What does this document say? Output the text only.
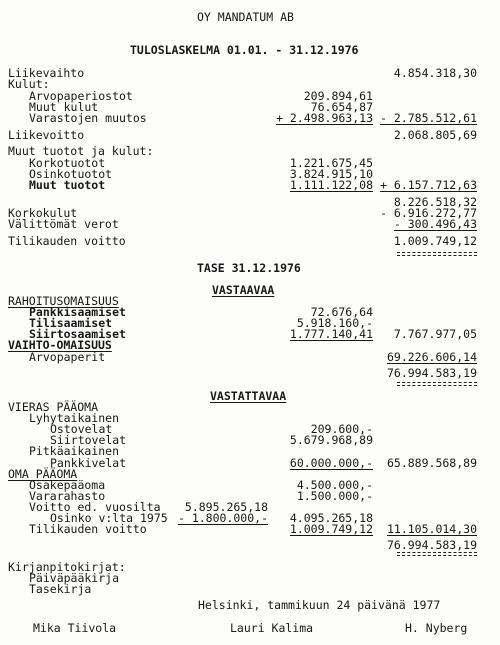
OY MANDATUM AB
TULOSLASKELMA 01.01. - 31.12.1976
Liikevaihto	4.854.318,30
Kulut:
Arvopaperiostot	209.894,61
Muut kulut	76.654,87
Varastojen muutos	+ 2.498.963,13 - 2.785.512,61
Liikevoitto	2.068.805,69
Muut tuotot ja kulut:
Korkotuotot	1.221.675,45
Osinkotuotot	3.824.915,10
Muut tuotot	1.111.122,08 + 6.157.712,63
8.226.518,32
Korkokulut	- 6.916.272,77
Välittömät verot	- 300.496,43
Tilikauden voitto	1.009.749,12
TASE 31.12.1976
VASTAAVAA
RAHOITUSOMAISUUS
Pankkisaamiset	72.676,64
Tilisaamiset	5.918.160,-
Siirtosaamiset	1.777.140,41 7.767.977,05
VAIHTO-OMAISUUS
Arvopaperit	69.226.606,14
76.994.583,19
VASTATTAVAA
VIERAS PÄÄOMA
Lyhytaikainen
Ostovelat	209.600,-
Siirtovelat	5.679.968,89
Pitkäaikainen
Pankkivelat	60.000.000,- 65.889.568,89
OMA PÄÄOMA
Osakepääoma	4.500.000,-
Vararahasto	1.500.000,-
Voitto ed. vuosilta 5.895.265,18
Osinko v:lta 1975 - 1.800.000,- 4.095.265,18
Tilikauden voitto	1.009.749,12 11.105.014,30
76.994.583,19
Kirjanpitokirjat:
Päiväpääkirja
Tasekirja
Helsinki, tammikuun 24 päivänä 1977
Mika Tiivola	Lauri Kalima	H. Nyberg
